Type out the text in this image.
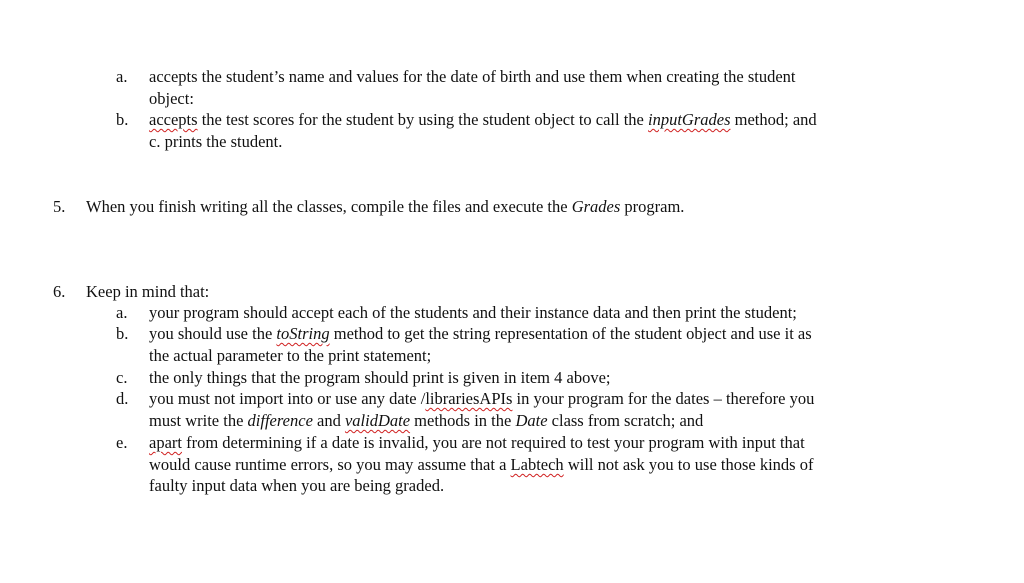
a. accepts the student’s name and values for the date of birth and use them when creating the student
object:
b. accepts the test scores for the student by using the student object to call the inputGrades method; and
c. prints the student.
5. When you finish writing all the classes, compile the files and execute the Grades program.
6. Keep in mind that:
a. your program should accept each of the students and their instance data and then print the student;
b. you should use the toString method to get the string representation of the student object and use it as
the actual parameter to the print statement;
c. the only things that the program should print is given in item 4 above;
d. you must not import into or use any date /librariesAPIs in your program for the dates – therefore you
must write the difference and validDate methods in the Date class from scratch; and
e. apart from determining if a date is invalid, you are not required to test your program with input that
would cause runtime errors, so you may assume that a Labtech will not ask you to use those kinds of
faulty input data when you are being graded.
